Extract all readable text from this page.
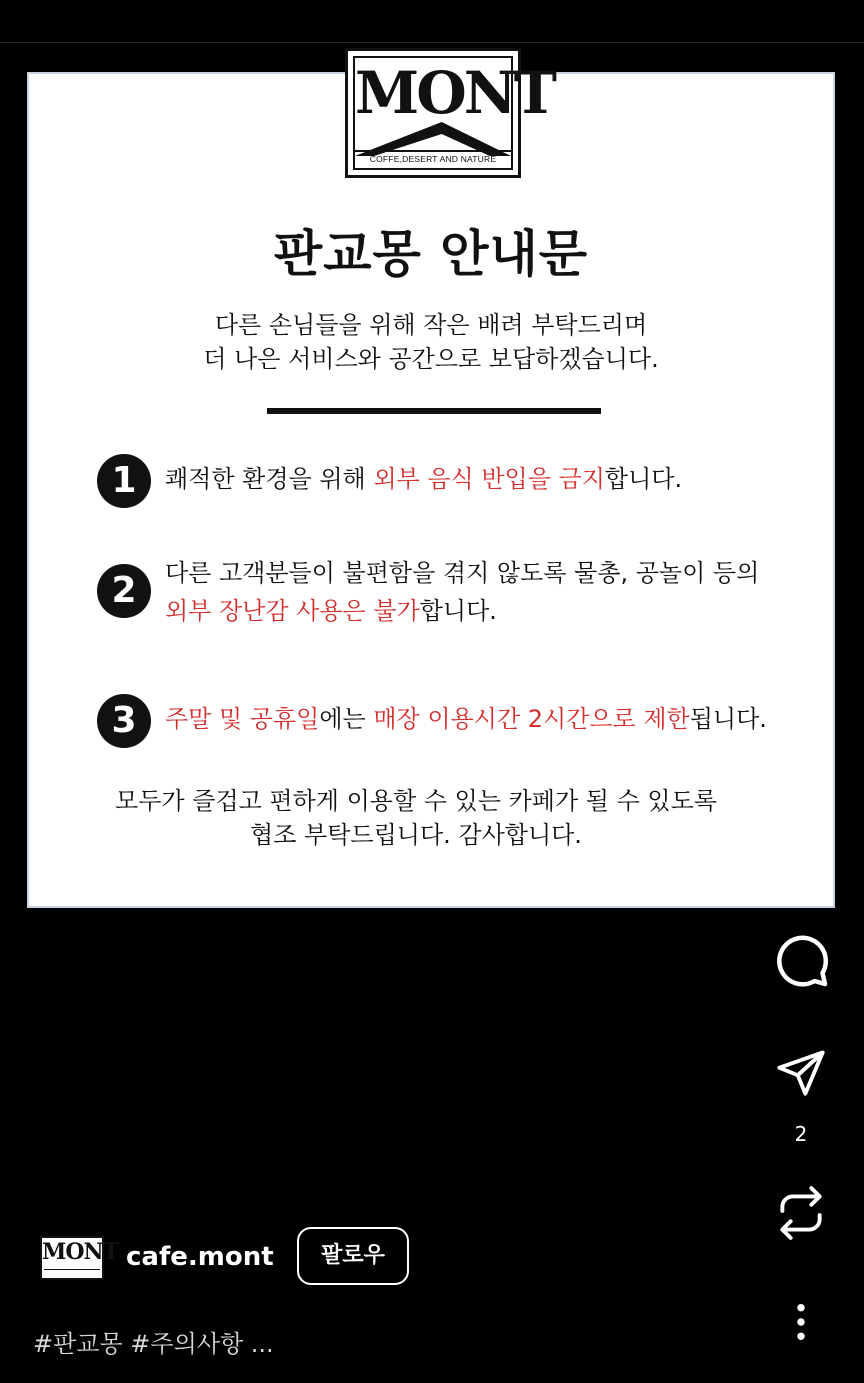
MONT
COFFE,DESERT AND NATURE
판교몽 안내문
다른 손님들을 위해 작은 배려 부탁드리며
더 나은 서비스와 공간으로 보답하겠습니다.
1	쾌적한 환경을 위해 외부 음식 반입을 금지합니다.
2	다른 고객분들이 불편함을 겪지 않도록 물총, 공놀이 등의
외부 장난감 사용은 불가합니다.
3	주말 및 공휴일에는 매장 이용시간 2시간으로 제한됩니다.
모두가 즐겁고 편하게 이용할 수 있는 카페가 될 수 있도록
협조 부탁드립니다. 감사합니다.
127
2
MONT cafe.mont	팔로우
#판교몽 #주의사항 ...
